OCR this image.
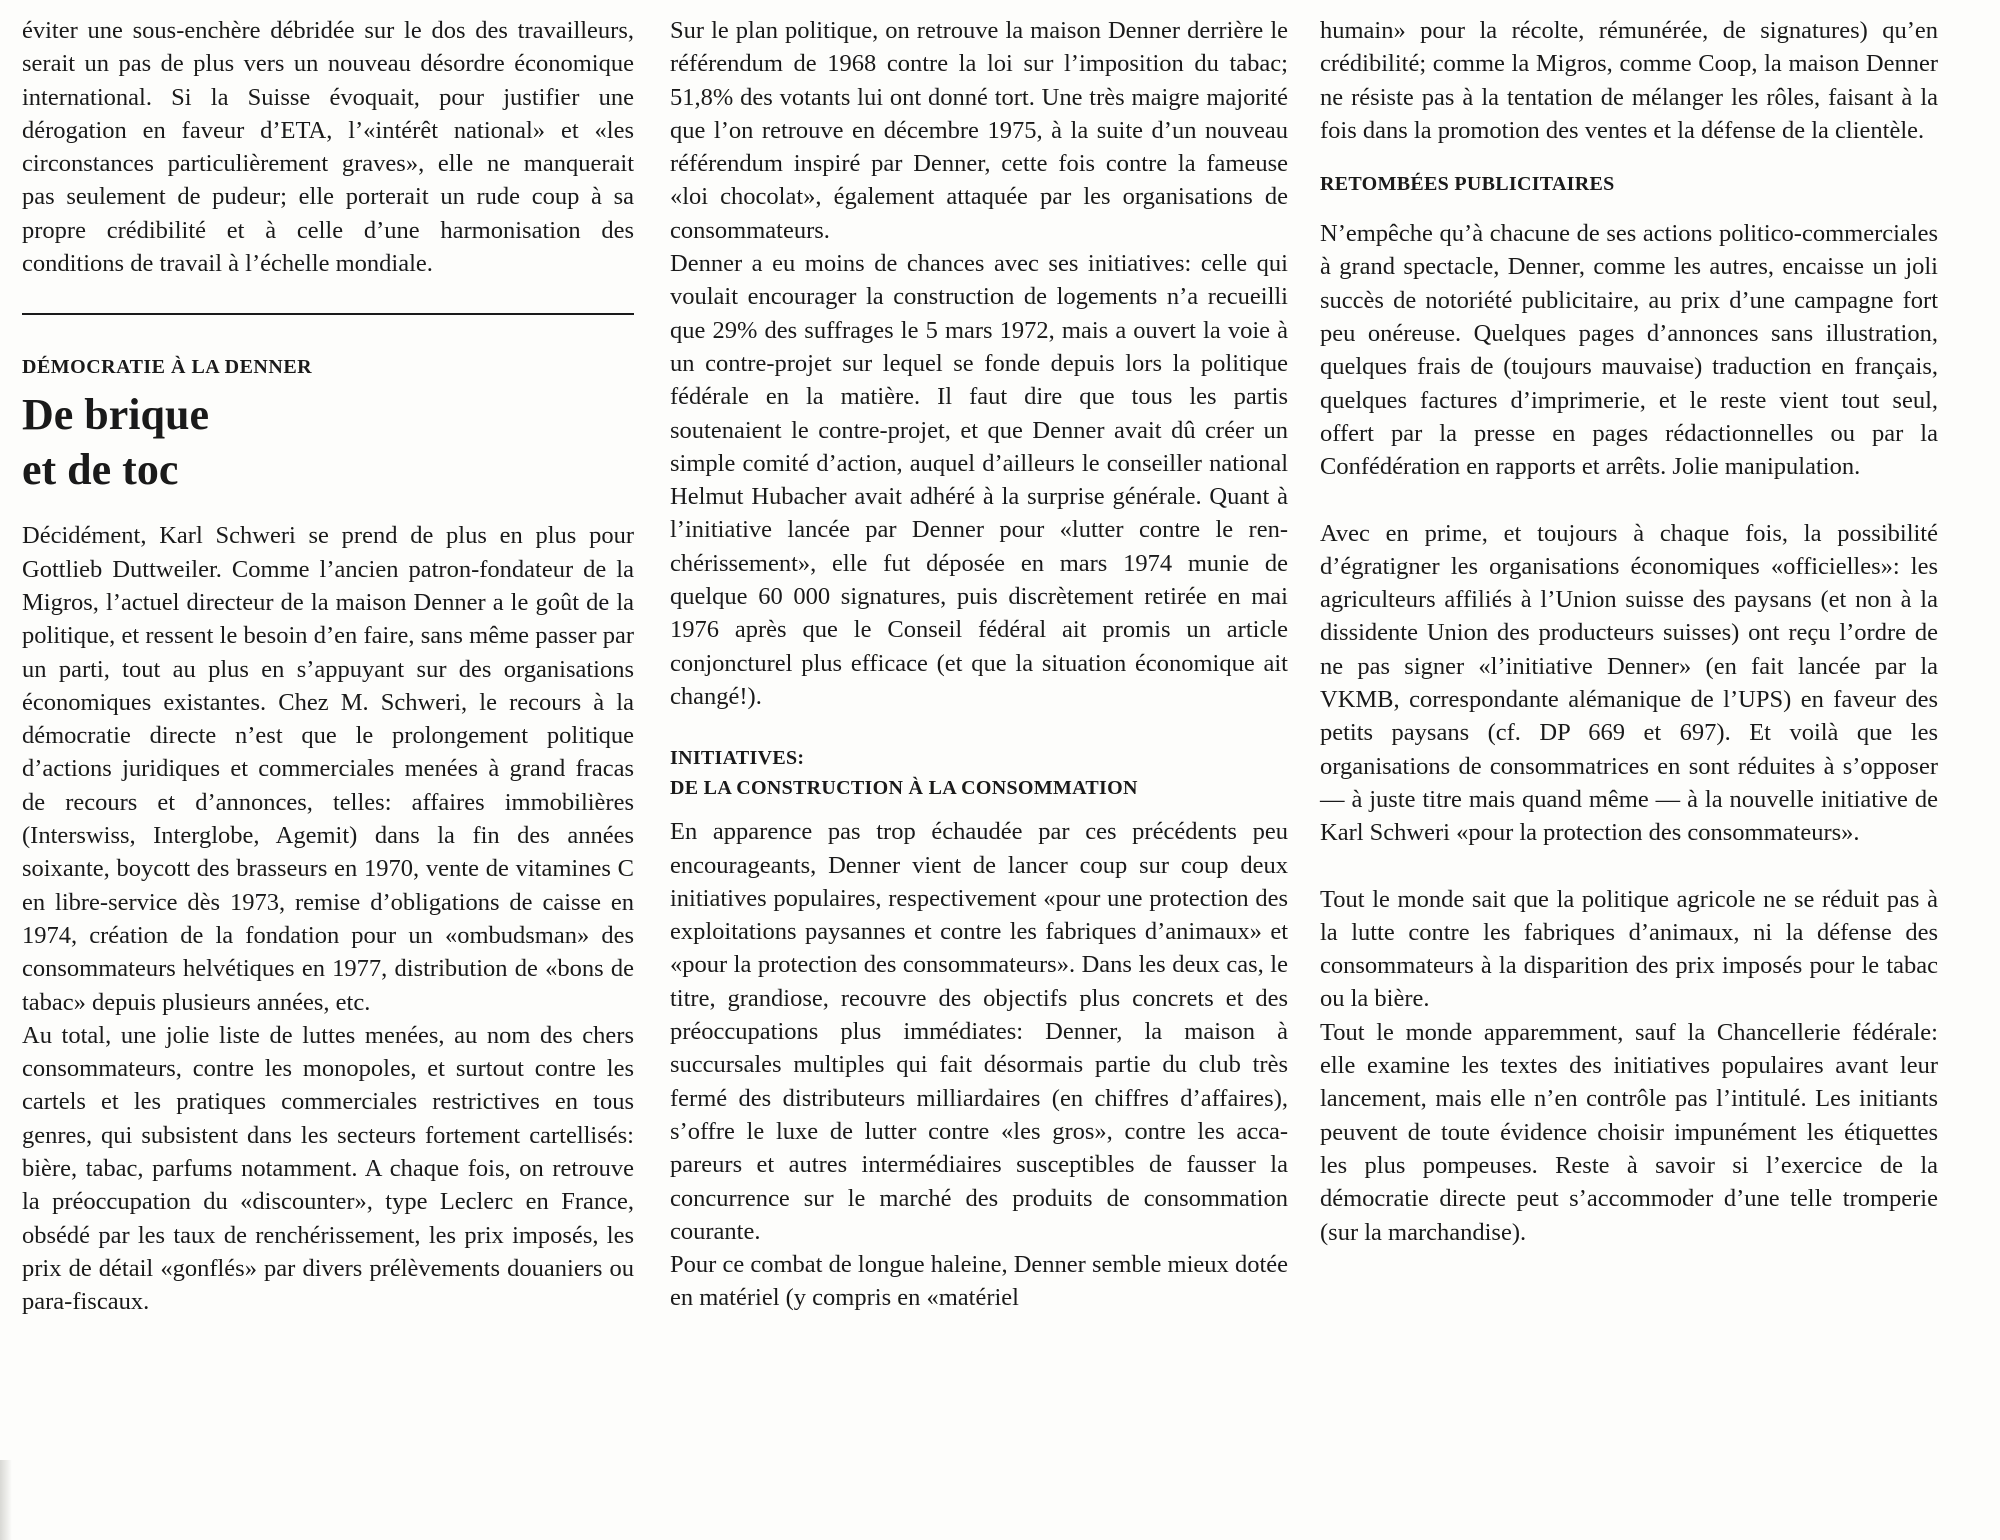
éviter une sous-enchère débridée sur le dos des travailleurs, serait un pas de plus vers un nouveau désordre économique international. Si la Suisse évoquait, pour justifier une dérogation en faveur d’ETA, l’«intérêt national» et «les circonstances particulièrement graves», elle ne manquerait pas seulement de pudeur; elle porterait un rude coup à sa propre crédibilité et à celle d’une harmonisation des conditions de travail à l’échelle mondiale.

DÉMOCRATIE À LA DENNER
De brique
et de toc

Décidément, Karl Schweri se prend de plus en plus pour Gottlieb Duttweiler. Comme l’ancien patron-fondateur de la Migros, l’actuel directeur de la maison Denner a le goût de la politique, et ressent le besoin d’en faire, sans même passer par un parti, tout au plus en s’appuyant sur des organisations économiques existantes. Chez M. Schweri, le recours à la démocratie directe n’est que le prolongement politique d’actions juridiques et commerciales menées à grand fracas de recours et d’annonces, telles: affaires immobilières (Interswiss, Interglobe, Agemit) dans la fin des années soixante, boycott des brasseurs en 1970, vente de vitamines C en libre-service dès 1973, remise d’obligations de caisse en 1974, création de la fondation pour un «ombudsman» des consommateurs helvétiques en 1977, distribution de «bons de tabac» depuis plusieurs années, etc.

Au total, une jolie liste de luttes menées, au nom des chers consommateurs, contre les monopoles, et surtout contre les cartels et les pratiques commerciales restrictives en tous genres, qui subsistent dans les secteurs fortement cartellisés: bière, tabac, parfums notamment. A chaque fois, on retrouve la préoccupation du «discounter», type Leclerc en France, obsédé par les taux de renchérissement, les prix imposés, les prix de détail «gonflés» par divers prélèvements douaniers ou para-fiscaux.

Sur le plan politique, on retrouve la maison Denner derrière le référendum de 1968 contre la loi sur l’imposition du tabac; 51,8% des votants lui ont donné tort. Une très maigre majorité que l’on retrouve en décembre 1975, à la suite d’un nouveau référendum inspiré par Denner, cette fois contre la fameuse «loi chocolat», également attaquée par les organisations de consommateurs.

Denner a eu moins de chances avec ses initiatives: celle qui voulait encourager la construction de logements n’a recueilli que 29% des suffrages le 5 mars 1972, mais a ouvert la voie à un contre-projet sur lequel se fonde depuis lors la politique fédérale en la matière. Il faut dire que tous les partis soutenaient le contre-projet, et que Denner avait dû créer un simple comité d’action, auquel d’ailleurs le conseiller national Helmut Hubacher avait adhéré à la surprise générale. Quant à l’initiative lancée par Denner pour «lutter contre le renchérissement», elle fut déposée en mars 1974 munie de quelque 60 000 signatures, puis discrètement retirée en mai 1976 après que le Conseil fédéral ait promis un article conjoncturel plus efficace (et que la situation économique ait changé!).

INITIATIVES:
DE LA CONSTRUCTION À LA CONSOMMATION

En apparence pas trop échaudée par ces précédents peu encourageants, Denner vient de lancer coup sur coup deux initiatives populaires, respectivement «pour une protection des exploitations paysannes et contre les fabriques d’animaux» et «pour la protection des consommateurs». Dans les deux cas, le titre, grandiose, recouvre des objectifs plus concrets et des préoccupations plus immédiates: Denner, la maison à succursales multiples qui fait désormais partie du club très fermé des distributeurs milliardaires (en chiffres d’affaires), s’offre le luxe de lutter contre «les gros», contre les accapareurs et autres intermédiaires susceptibles de fausser la concurrence sur le marché des produits de consommation courante.

Pour ce combat de longue haleine, Denner semble mieux dotée en matériel (y compris en «matériel

humain» pour la récolte, rémunérée, de signatures) qu’en crédibilité; comme la Migros, comme Coop, la maison Denner ne résiste pas à la tentation de mélanger les rôles, faisant à la fois dans la promotion des ventes et la défense de la clientèle.

RETOMBÉES PUBLICITAIRES

N’empêche qu’à chacune de ses actions politico-commerciales à grand spectacle, Denner, comme les autres, encaisse un joli succès de notoriété publicitaire, au prix d’une campagne fort peu onéreuse. Quelques pages d’annonces sans illustration, quelques frais de (toujours mauvaise) traduction en français, quelques factures d’imprimerie, et le reste vient tout seul, offert par la presse en pages rédactionnelles ou par la Confédération en rapports et arrêts. Jolie manipulation.

Avec en prime, et toujours à chaque fois, la possibilité d’égratigner les organisations économiques «officielles»: les agriculteurs affiliés à l’Union suisse des paysans (et non à la dissidente Union des producteurs suisses) ont reçu l’ordre de ne pas signer «l’initiative Denner» (en fait lancée par la VKMB, correspondante alémanique de l’UPS) en faveur des petits paysans (cf. DP 669 et 697). Et voilà que les organisations de consommatrices en sont réduites à s’opposer — à juste titre mais quand même — à la nouvelle initiative de Karl Schweri «pour la protection des consommateurs».

Tout le monde sait que la politique agricole ne se réduit pas à la lutte contre les fabriques d’animaux, ni la défense des consommateurs à la disparition des prix imposés pour le tabac ou la bière.

Tout le monde apparemment, sauf la Chancellerie fédérale: elle examine les textes des initiatives populaires avant leur lancement, mais elle n’en contrôle pas l’intitulé. Les initiants peuvent de toute évidence choisir impunément les étiquettes les plus pompeuses. Reste à savoir si l’exercice de la démocratie directe peut s’accommoder d’une telle tromperie (sur la marchandise).
